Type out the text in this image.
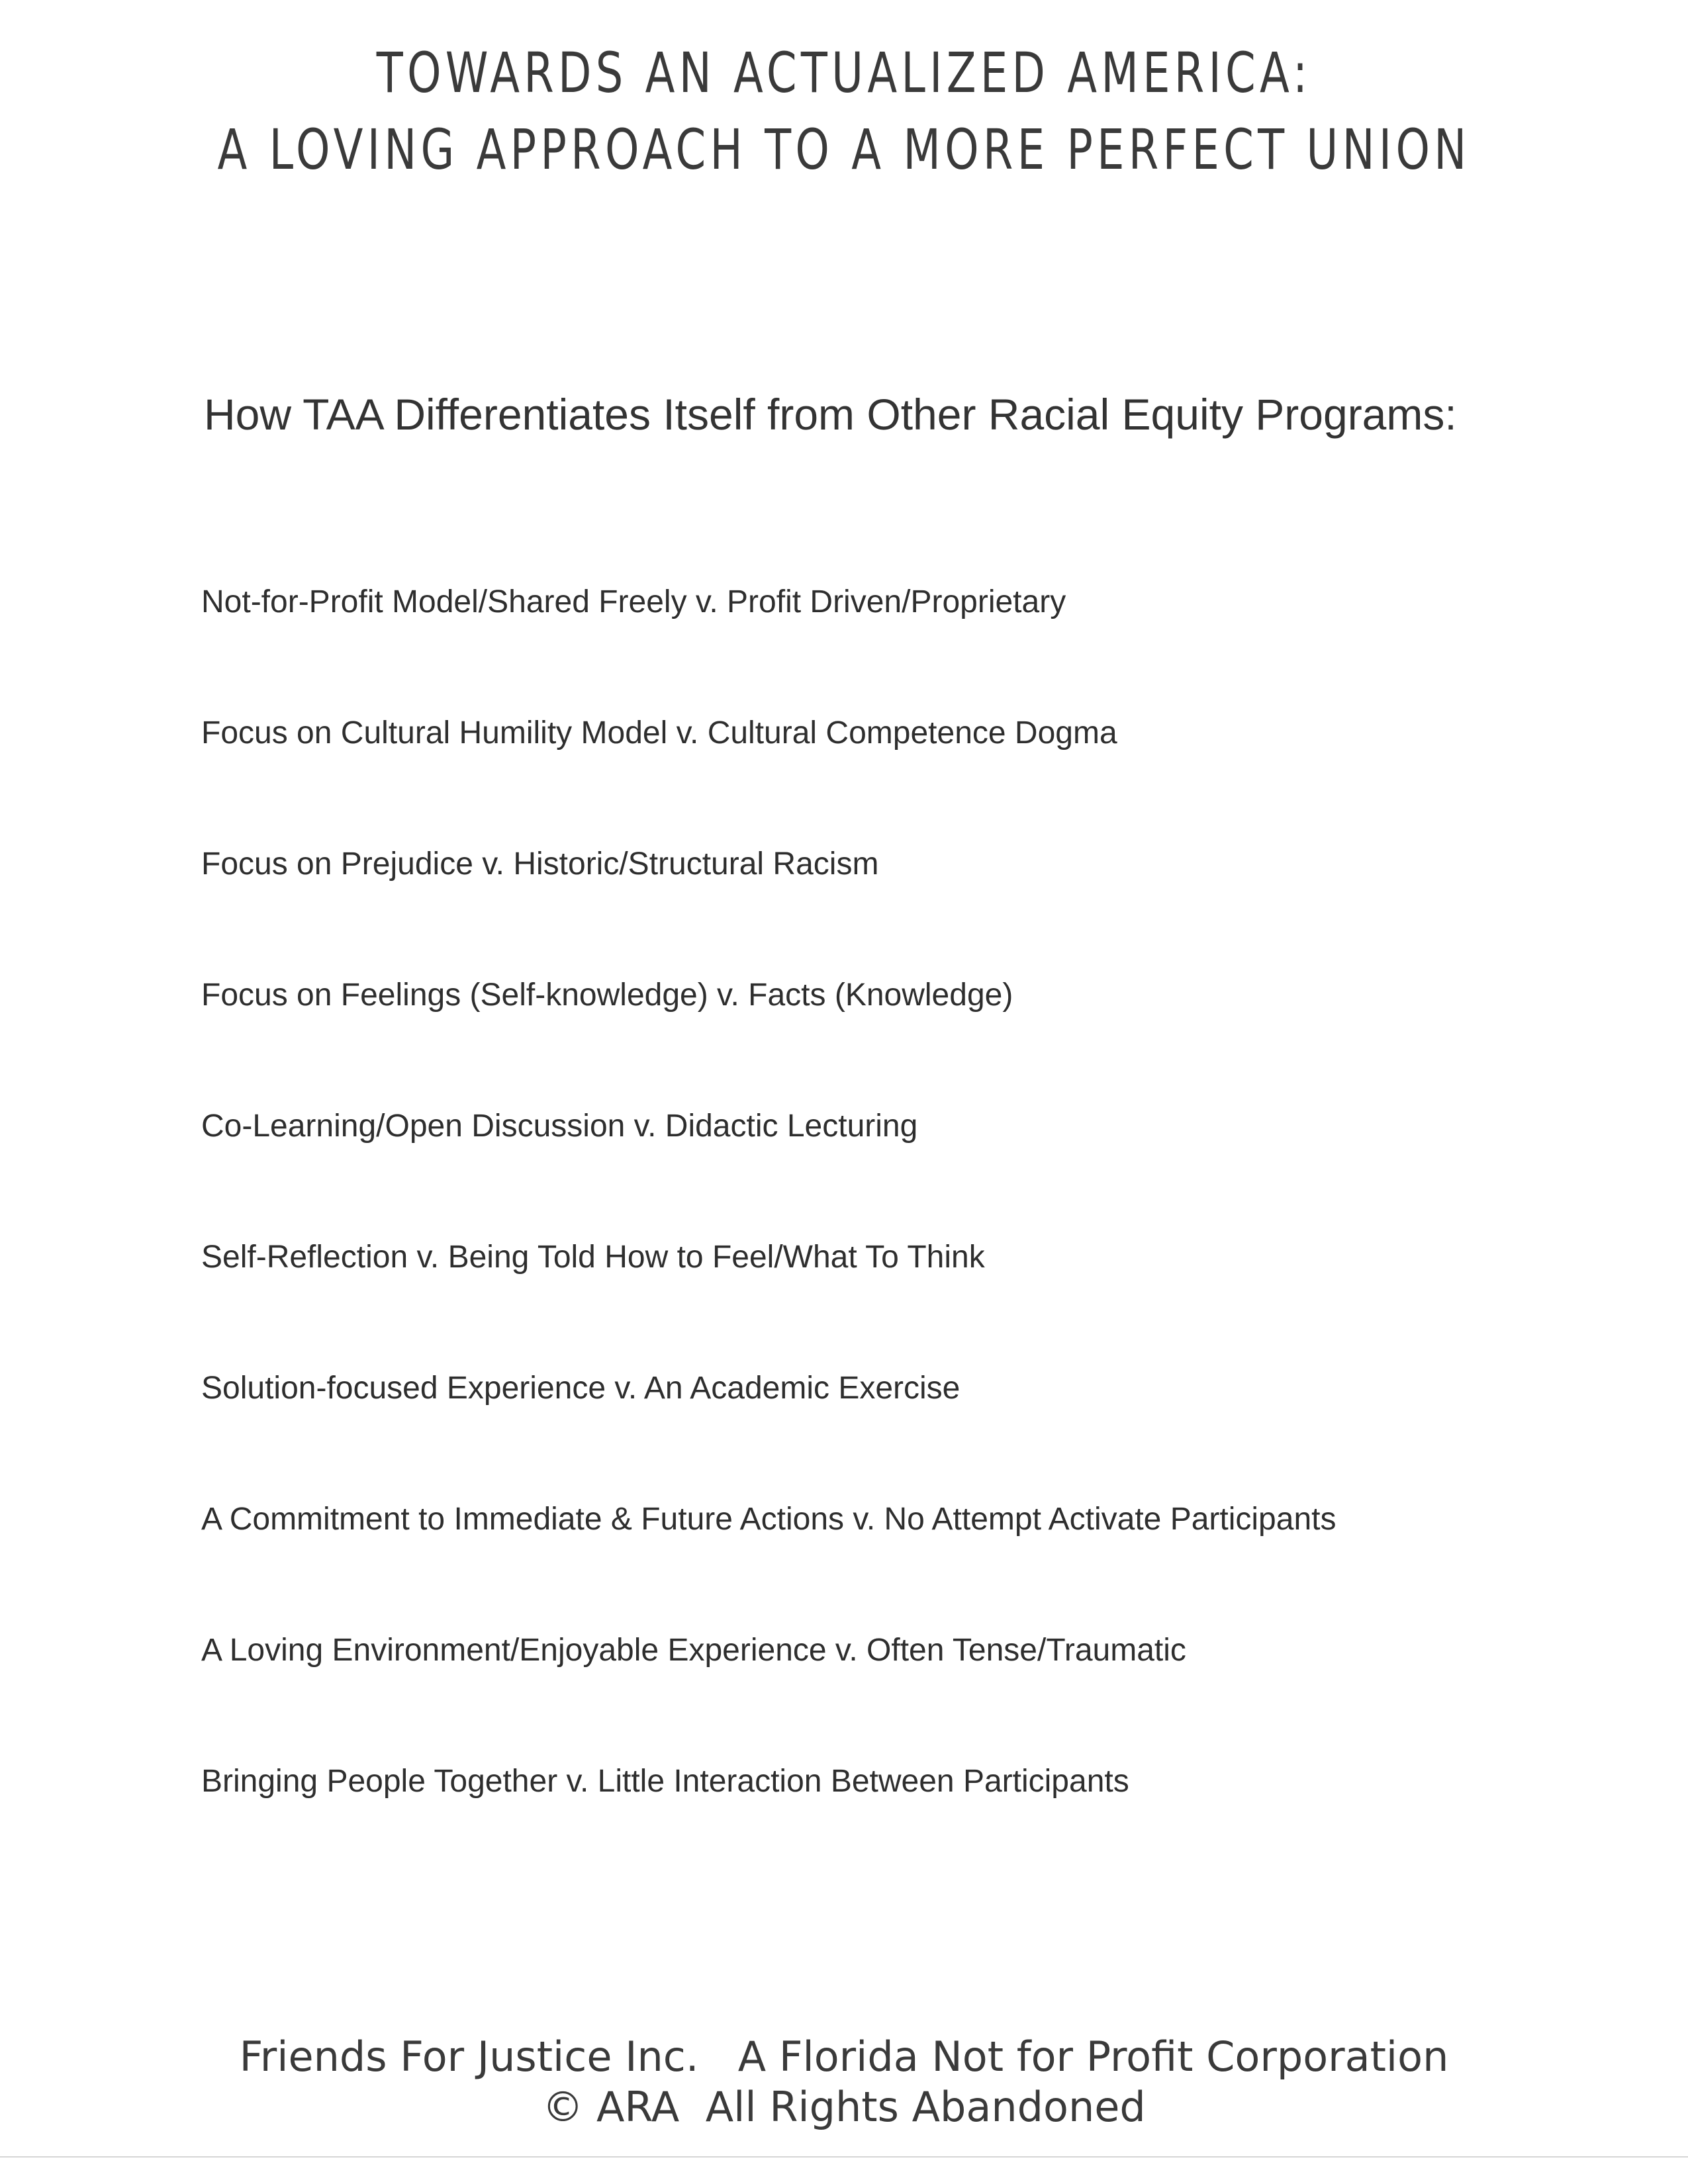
TOWARDS AN ACTUALIZED AMERICA:
A LOVING APPROACH TO A MORE PERFECT UNION
How TAA Differentiates Itself from Other Racial Equity Programs:
Not-for-Profit Model/Shared Freely v. Profit Driven/Proprietary
Focus on Cultural Humility Model v. Cultural Competence Dogma
Focus on Prejudice v. Historic/Structural Racism
Focus on Feelings (Self-knowledge) v. Facts (Knowledge)
Co-Learning/Open Discussion v. Didactic Lecturing
Self-Reflection v. Being Told How to Feel/What To Think
Solution-focused Experience v. An Academic Exercise
A Commitment to Immediate & Future Actions v. No Attempt Activate Participants
A Loving Environment/Enjoyable Experience v. Often Tense/Traumatic
Bringing People Together v. Little Interaction Between Participants
Friends For Justice Inc.   A Florida Not for Profit Corporation
© ARA  All Rights Abandoned
